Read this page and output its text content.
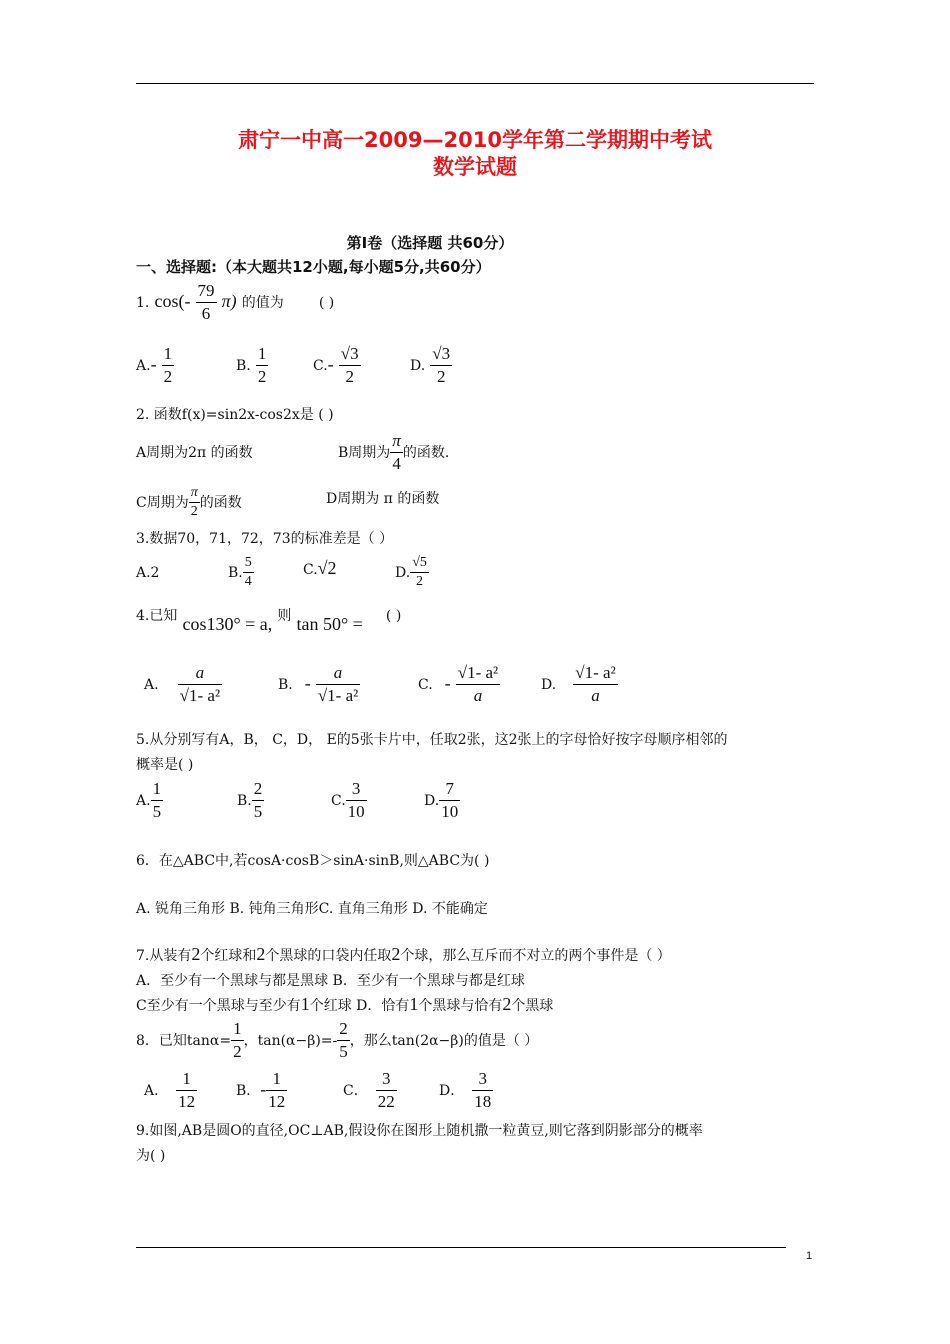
肃宁一中高一2009—2010学年第二学期期中考试
数学试题
第Ⅰ卷（选择题 共60分）
一、选择题:（本大题共12小题,每小题5分,共60分）
1. $\cos(- \frac{79}{6} \pi)$ 的值为	( )
$A.- \frac{1}{2}$	B. $\frac{1}{2}$	$C.- \frac{√3}{2}$	D. $\frac{√3}{2}$
2. 函数f(x)=sin2x-cos2x是 ( )
A周期为2π 的函数	B周期为 $\frac{\pi}{4}$ 的函数.
C周期为 $\frac{\pi}{2}$ 的函数	D周期为 π 的函数
3.数据70，71，72，73的标准差是（ ）
A.2	B. $\frac{5}{4}$	C.√2	D. $\frac{√5}{2}$
4.已知 cos130° = a, 则 tan 50° = ( )
A. $\frac{a}{\text{√1- a²}}$	B. - $\frac{a}{\text{√1- a²}}$	C. - $\frac{\text{√1- a²}}{a}$	D. $\frac{\text{√1- a²}}{a}$
5.从分别写有A，B， C，D， E的5张卡片中，任取2张，这2张上的字母恰好按字母顺序相邻的
概率是( )
A. $\frac{1}{5}$	B. $\frac{2}{5}$	C. $\frac{3}{10}$	D. $\frac{7}{10}$
6．在△ABC中,若cosA·cosB＞sinA·sinB,则△ABC为( )
A. 锐角三角形 B. 钝角三角形C. 直角三角形 D. 不能确定
7.从装有2个红球和2个黑球的口袋内任取2个球，那么互斥而不对立的两个事件是（ ）
A．至少有一个黑球与都是黑球 B．至少有一个黑球与都是红球
C至少有一个黑球与至少有1个红球 D．恰有1个黑球与恰有2个黑球
8．已知$\tan\alpha= \frac{1}{2}$ ，$\tan(\alpha-\beta)=- \frac{2}{5}$ ，那么tan(2α−β)的值是（ ）
A． $\frac{1}{12}$	B．- $\frac{1}{12}$	C． $\frac{3}{22}$	D． $\frac{3}{18}$
9.如图,AB是圆O的直径,OC⊥AB,假设你在图形上随机撒一粒黄豆,则它落到阴影部分的概率
为( )
1
